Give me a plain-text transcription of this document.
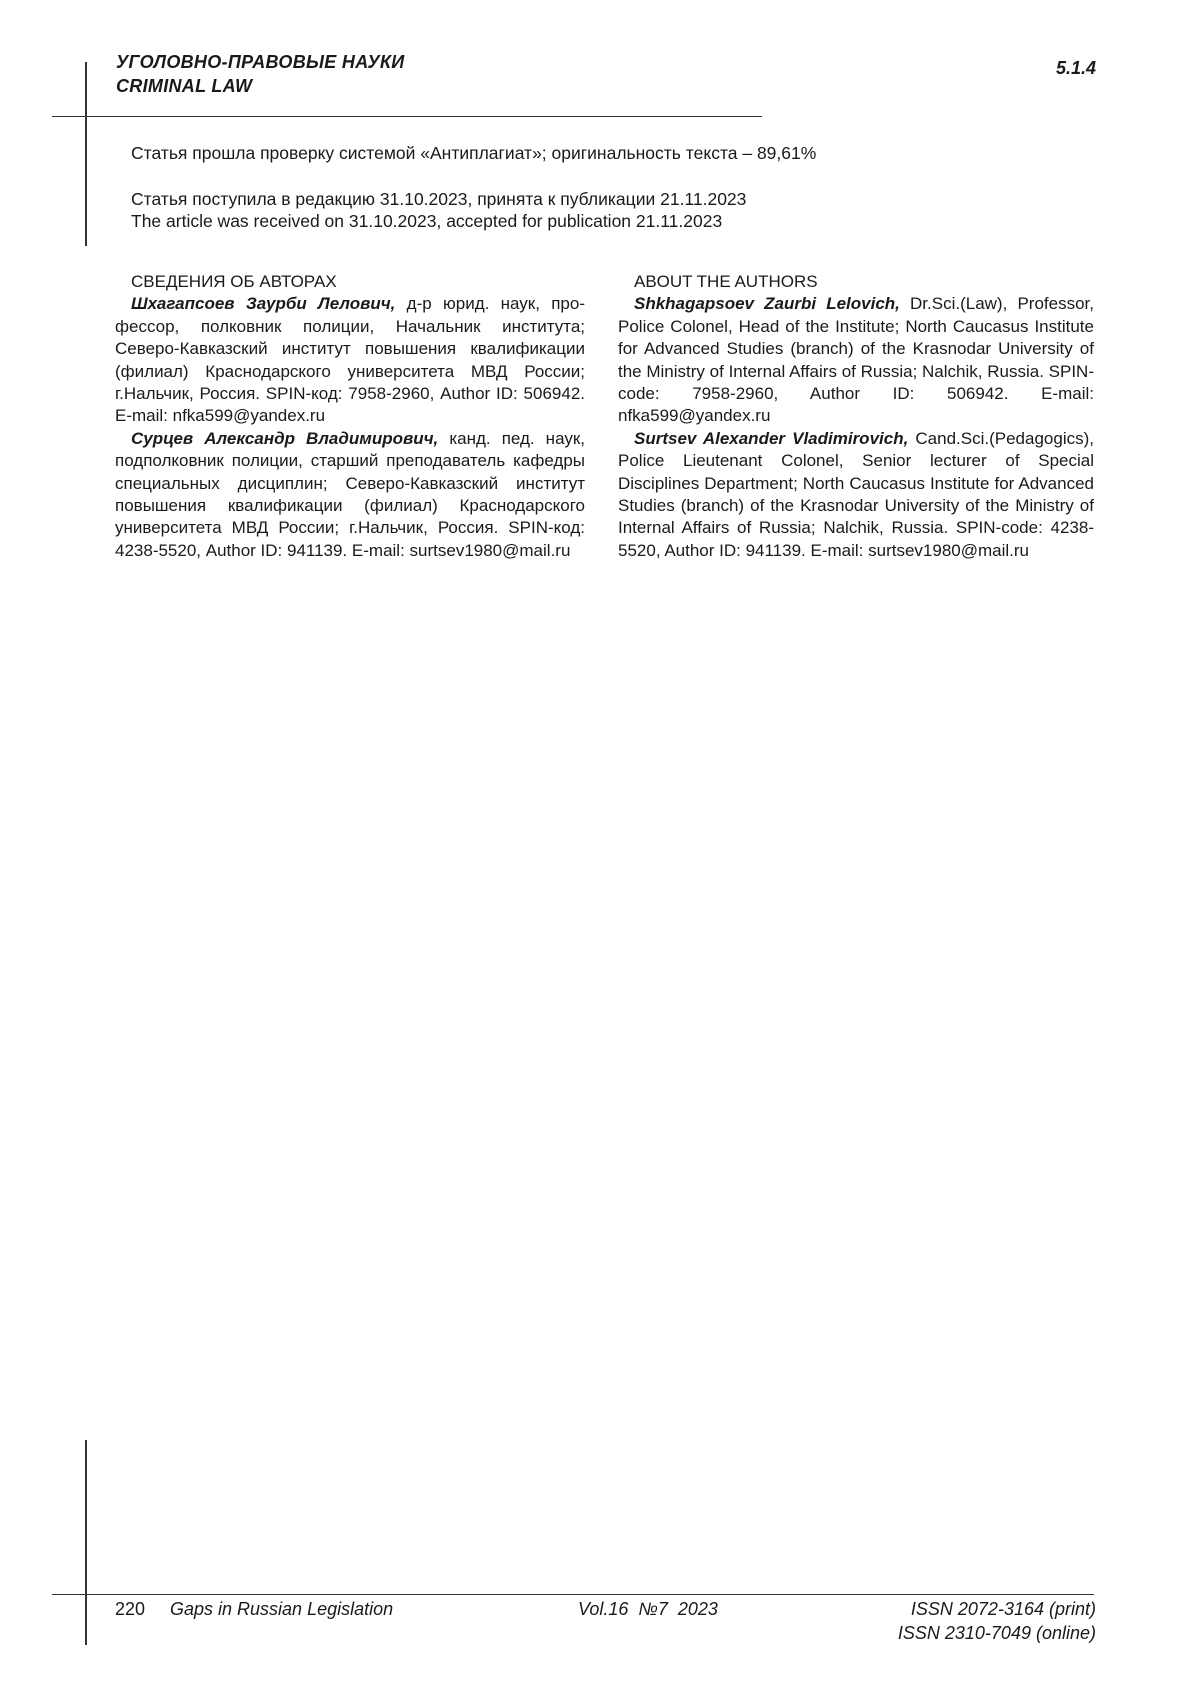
УГОЛОВНО-ПРАВОВЫЕ НАУКИ
CRIMINAL LAW
5.1.4
Статья прошла проверку системой «Антиплагиат»; оригинальность текста – 89,61%
Статья поступила в редакцию 31.10.2023, принята к публикации 21.11.2023
The article was received on 31.10.2023, accepted for publication 21.11.2023

СВЕДЕНИЯ ОБ АВТОРАХ

Шхагапсоев Заурби Лелович, д-р юрид. наук, профессор, полковник полиции, Начальник института; Северо-Кавказский институт повышения квалификации (филиал) Краснодарского университета МВД России; г.Нальчик, Россия. SPIN-код: 7958-2960, Author ID: 506942. E-mail: nfka599@yandex.ru

Сурцев Александр Владимирович, канд. пед. наук, подполковник полиции, старший преподаватель кафедры специальных дисциплин; Северо-Кавказский институт повышения квалификации (филиал) Краснодарского университета МВД России; г.Нальчик, Россия. SPIN-код: 4238-5520, Author ID: 941139. E-mail: surtsev1980@mail.ru

ABOUT THE AUTHORS

Shkhagapsoev Zaurbi Lelovich, Dr.Sci.(Law), Professor, Police Colonel, Head of the Institute; North Caucasus Institute for Advanced Studies (branch) of the Krasnodar University of the Ministry of Internal Affairs of Russia; Nalchik, Russia. SPIN-code: 7958-2960, Author ID: 506942. E-mail: nfka599@yandex.ru

Surtsev Alexander Vladimirovich, Cand.Sci.(Pedagogics), Police Lieutenant Colonel, Senior lecturer of Special Disciplines Department; North Caucasus Institute for Advanced Studies (branch) of the Krasnodar University of the Ministry of Internal Affairs of Russia; Nalchik, Russia. SPIN-code: 4238-5520, Author ID: 941139. E-mail: surtsev1980@mail.ru

220 Gaps in Russian Legislation	Vol.16  №7  2023	ISSN 2072-3164 (print)
ISSN 2310-7049 (online)
